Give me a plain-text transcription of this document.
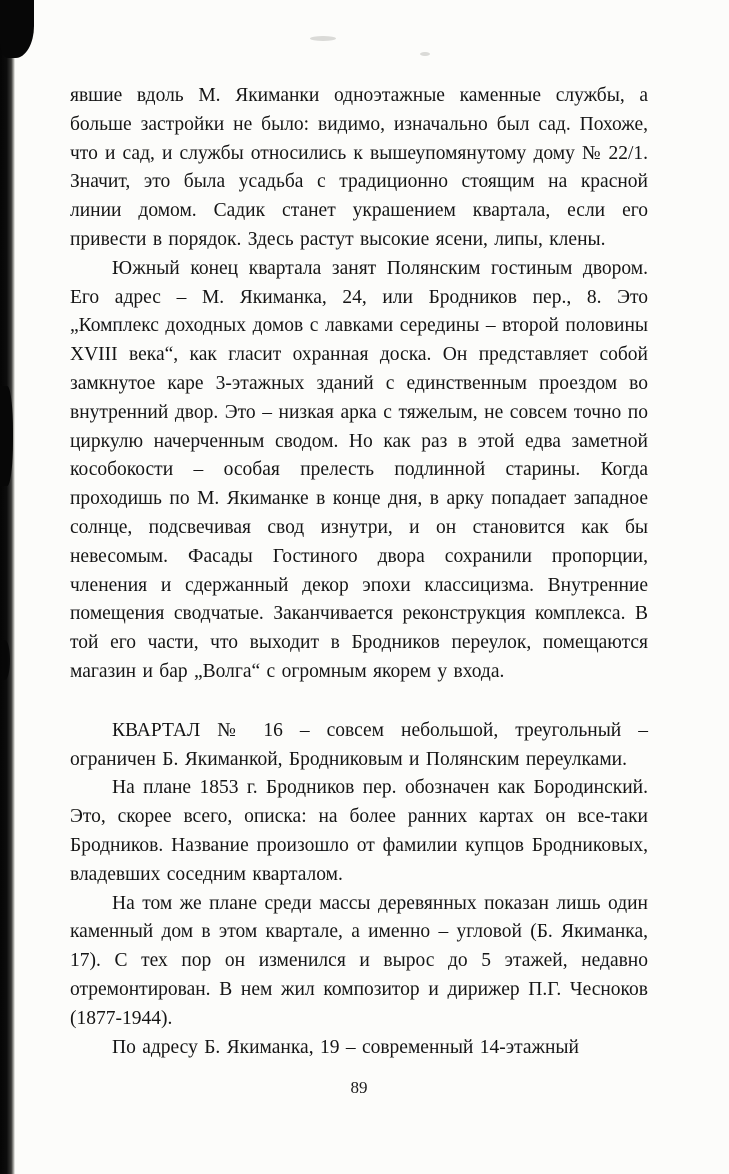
явшие вдоль М. Якиманки одноэтажные каменные службы, а больше застройки не было: видимо, изначально был сад. Похоже, что и сад, и службы относились к вышеупомянутому дому № 22/1. Значит, это была усадьба с традиционно стоящим на красной линии домом. Садик станет украшением квартала, если его привести в порядок. Здесь растут высокие ясени, липы, клены.

Южный конец квартала занят Полянским гостиным двором. Его адрес – М. Якиманка, 24, или Бродников пер., 8. Это „Комплекс доходных домов с лавками середины – второй половины XVIII века“, как гласит охранная доска. Он представляет собой замкнутое каре 3-этажных зданий с единственным проездом во внутренний двор. Это – низкая арка с тяжелым, не совсем точно по циркулю начерченным сводом. Но как раз в этой едва заметной кособокости – особая прелесть подлинной старины. Когда проходишь по М. Якиманке в конце дня, в арку попадает западное солнце, подсвечивая свод изнутри, и он становится как бы невесомым. Фасады Гостиного двора сохранили пропорции, членения и сдержанный декор эпохи классицизма. Внутренние помещения сводчатые. Заканчивается реконструкция комплекса. В той его части, что выходит в Бродников переулок, помещаются магазин и бар „Волга“ с огромным якорем у входа.

КВАРТАЛ № 16 – совсем небольшой, треугольный – ограничен Б. Якиманкой, Бродниковым и Полянским переулками.

На плане 1853 г. Бродников пер. обозначен как Бородинский. Это, скорее всего, описка: на более ранних картах он все-таки Бродников. Название произошло от фамилии купцов Бродниковых, владевших соседним кварталом.

На том же плане среди массы деревянных показан лишь один каменный дом в этом квартале, а именно – угловой (Б. Якиманка, 17). С тех пор он изменился и вырос до 5 этажей, недавно отремонтирован. В нем жил композитор и дирижер П.Г. Чесноков (1877-1944).

По адресу Б. Якиманка, 19 – современный 14-этажный

89
